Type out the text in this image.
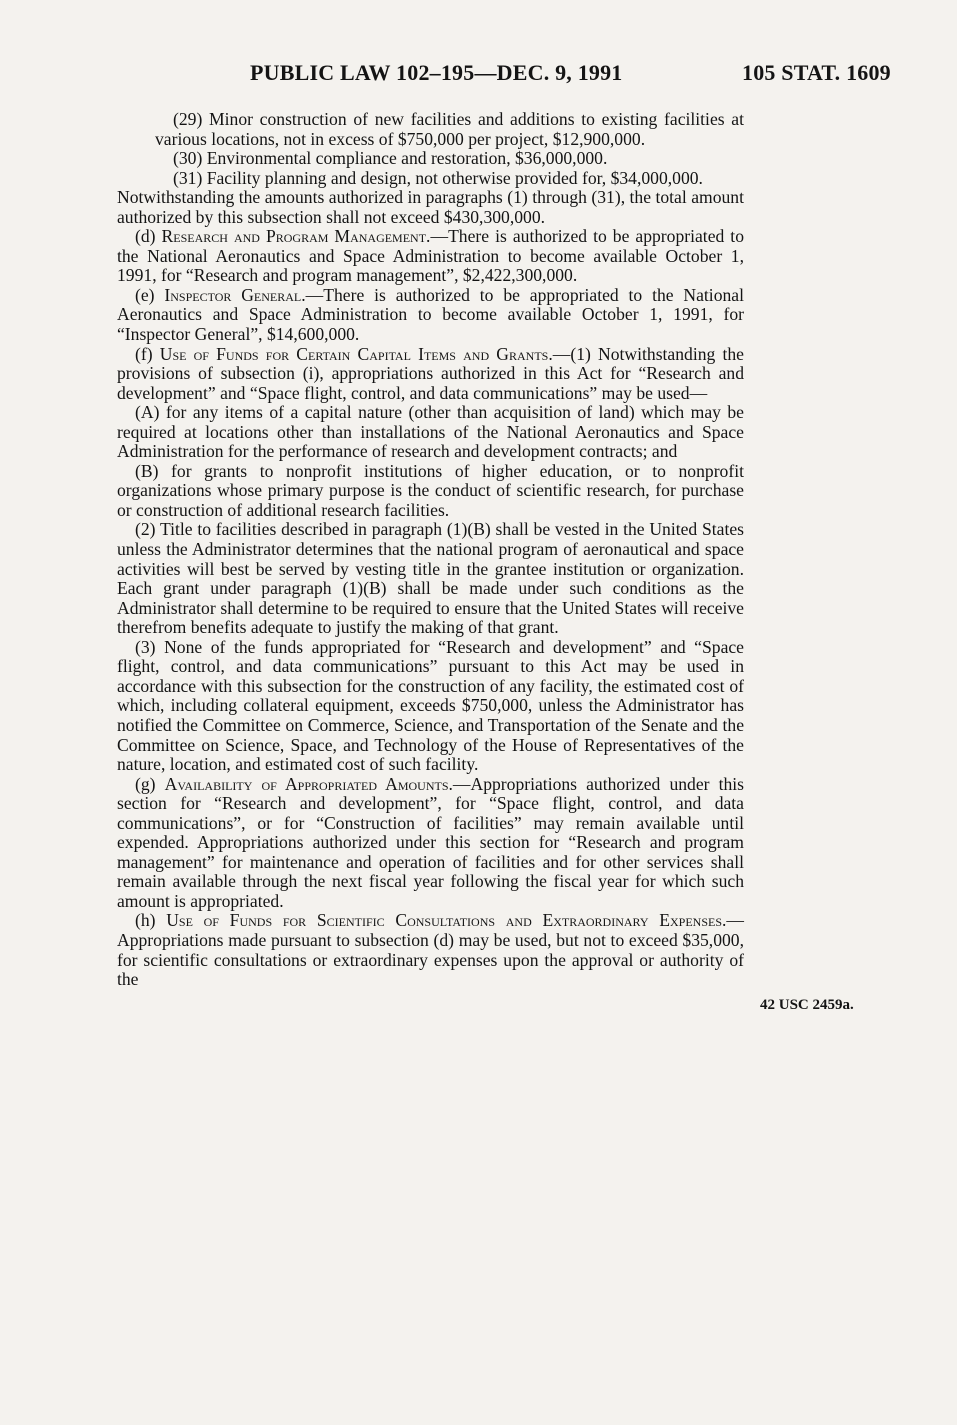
PUBLIC LAW 102–195—DEC. 9, 1991	105 STAT. 1609

(29) Minor construction of new facilities and additions to existing facilities at various locations, not in excess of $750,000 per project, $12,900,000.

(30) Environmental compliance and restoration, $36,000,000.

(31) Facility planning and design, not otherwise provided for, $34,000,000.

Notwithstanding the amounts authorized in paragraphs (1) through (31), the total amount authorized by this subsection shall not exceed $430,300,000.

(d) Research and Program Management.—There is authorized to be appropriated to the National Aeronautics and Space Administration to become available October 1, 1991, for “Research and program management”, $2,422,300,000.

(e) Inspector General.—There is authorized to be appropriated to the National Aeronautics and Space Administration to become available October 1, 1991, for “Inspector General”, $14,600,000.

(f) Use of Funds for Certain Capital Items and Grants.—(1) Notwithstanding the provisions of subsection (i), appropriations authorized in this Act for “Research and development” and “Space flight, control, and data communications” may be used—

(A) for any items of a capital nature (other than acquisition of land) which may be required at locations other than installations of the National Aeronautics and Space Administration for the performance of research and development contracts; and

(B) for grants to nonprofit institutions of higher education, or to nonprofit organizations whose primary purpose is the conduct of scientific research, for purchase or construction of additional research facilities.

(2) Title to facilities described in paragraph (1)(B) shall be vested in the United States unless the Administrator determines that the national program of aeronautical and space activities will best be served by vesting title in the grantee institution or organization. Each grant under paragraph (1)(B) shall be made under such conditions as the Administrator shall determine to be required to ensure that the United States will receive therefrom benefits adequate to justify the making of that grant.

(3) None of the funds appropriated for “Research and development” and “Space flight, control, and data communications” pursuant to this Act may be used in accordance with this subsection for the construction of any facility, the estimated cost of which, including collateral equipment, exceeds $750,000, unless the Administrator has notified the Committee on Commerce, Science, and Transportation of the Senate and the Committee on Science, Space, and Technology of the House of Representatives of the nature, location, and estimated cost of such facility.

(g) Availability of Appropriated Amounts.—Appropriations authorized under this section for “Research and development”, for “Space flight, control, and data communications”, or for “Construction of facilities” may remain available until expended. Appropriations authorized under this section for “Research and program management” for maintenance and operation of facilities and for other services shall remain available through the next fiscal year following the fiscal year for which such amount is appropriated.

(h) Use of Funds for Scientific Consultations and Extraordinary Expenses.—Appropriations made pursuant to subsection (d) may be used, but not to exceed $35,000, for scientific consultations or extraordinary expenses upon the approval or authority of the

42 USC 2459a.
